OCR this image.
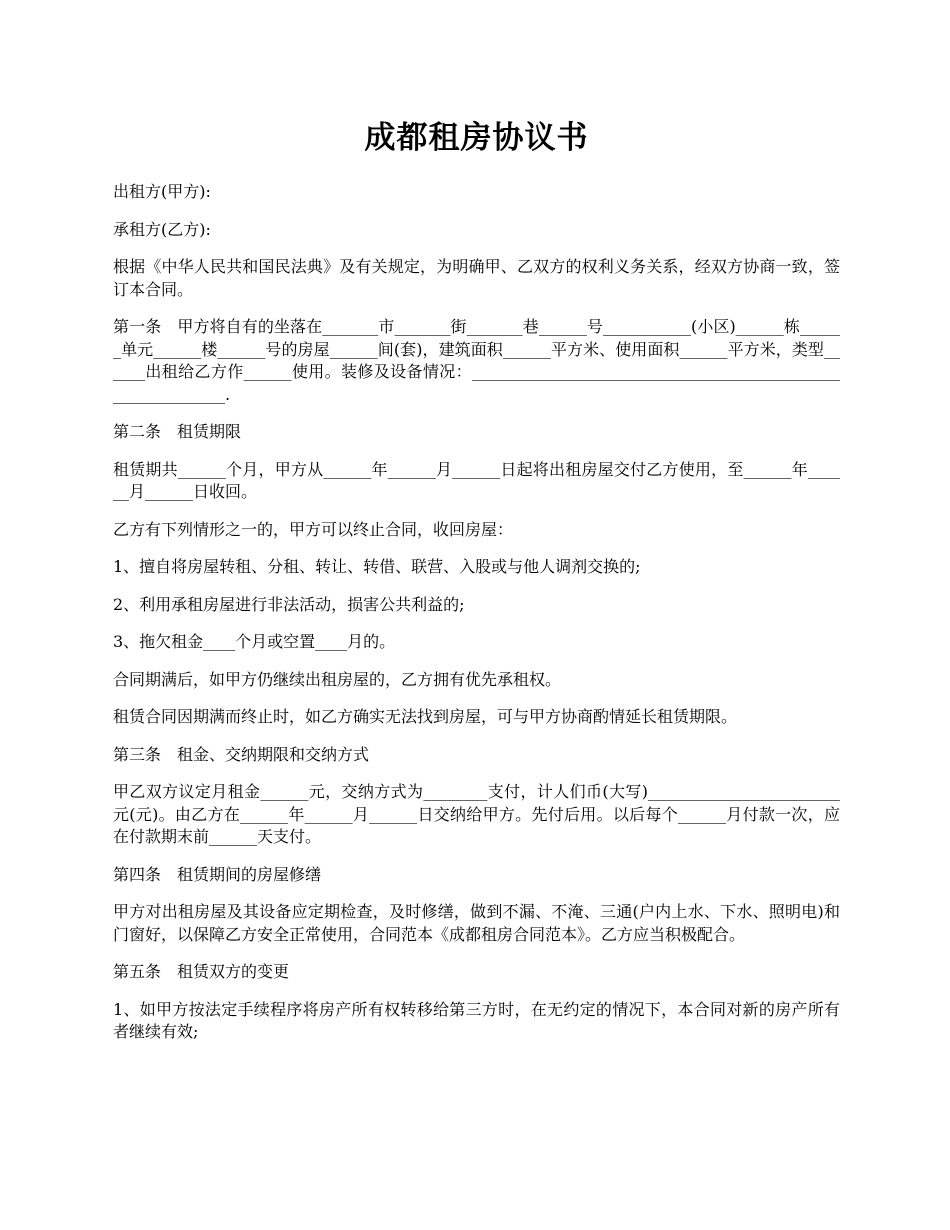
成都租房协议书

出租方(甲方):

承租方(乙方):

根据《中华人民共和国民法典》及有关规定，为明确甲、乙双方的权利义务关系，经双方协商一致，签订本合同。

第一条　甲方将自有的坐落在_______市_______街_______巷______号___________(小区)______栋______单元______楼______号的房屋______间(套)，建筑面积______平方米、使用面积______平方米，类型______出租给乙方作______使用。装修及设备情况：____________________________________________________________.

第二条　租赁期限

租赁期共______个月，甲方从______年______月______日起将出租房屋交付乙方使用，至______年______月______日收回。

乙方有下列情形之一的，甲方可以终止合同，收回房屋：

1、擅自将房屋转租、分租、转让、转借、联营、入股或与他人调剂交换的;

2、利用承租房屋进行非法活动，损害公共利益的;

3、拖欠租金____个月或空置____月的。

合同期满后，如甲方仍继续出租房屋的，乙方拥有优先承租权。

租赁合同因期满而终止时，如乙方确实无法找到房屋，可与甲方协商酌情延长租赁期限。

第三条　租金、交纳期限和交纳方式

甲乙双方议定月租金______元，交纳方式为________支付，计人们币(大写)________________________元(元)。由乙方在______年______月______日交纳给甲方。先付后用。以后每个______月付款一次，应在付款期末前______天支付。

第四条　租赁期间的房屋修缮

甲方对出租房屋及其设备应定期检查，及时修缮，做到不漏、不淹、三通(户内上水、下水、照明电)和门窗好，以保障乙方安全正常使用，合同范本《成都租房合同范本》。乙方应当积极配合。

第五条　租赁双方的变更

1、如甲方按法定手续程序将房产所有权转移给第三方时，在无约定的情况下，本合同对新的房产所有者继续有效;
